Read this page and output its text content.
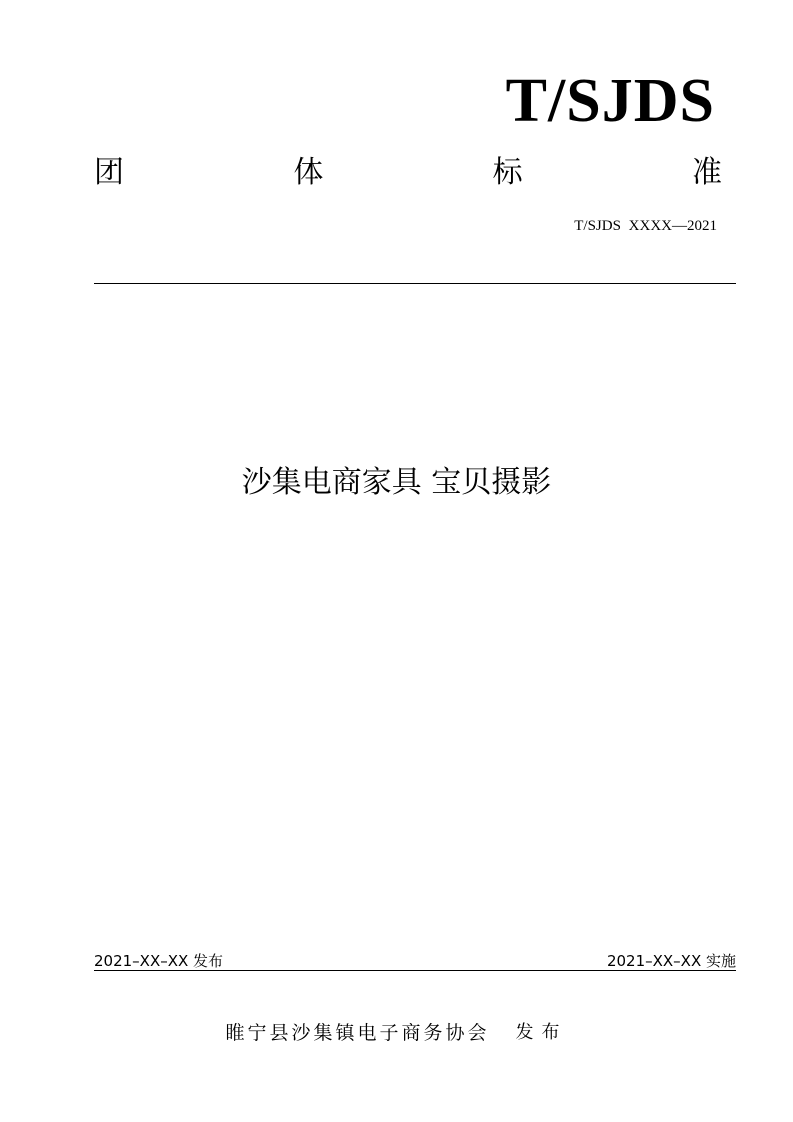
T/SJDS
团	体	标	准
T/SJDS XXXX—2021
沙集电商家具 宝贝摄影
2021–XX–XX 发布	2021–XX–XX 实施
睢宁县沙集镇电子商务协会 发布
